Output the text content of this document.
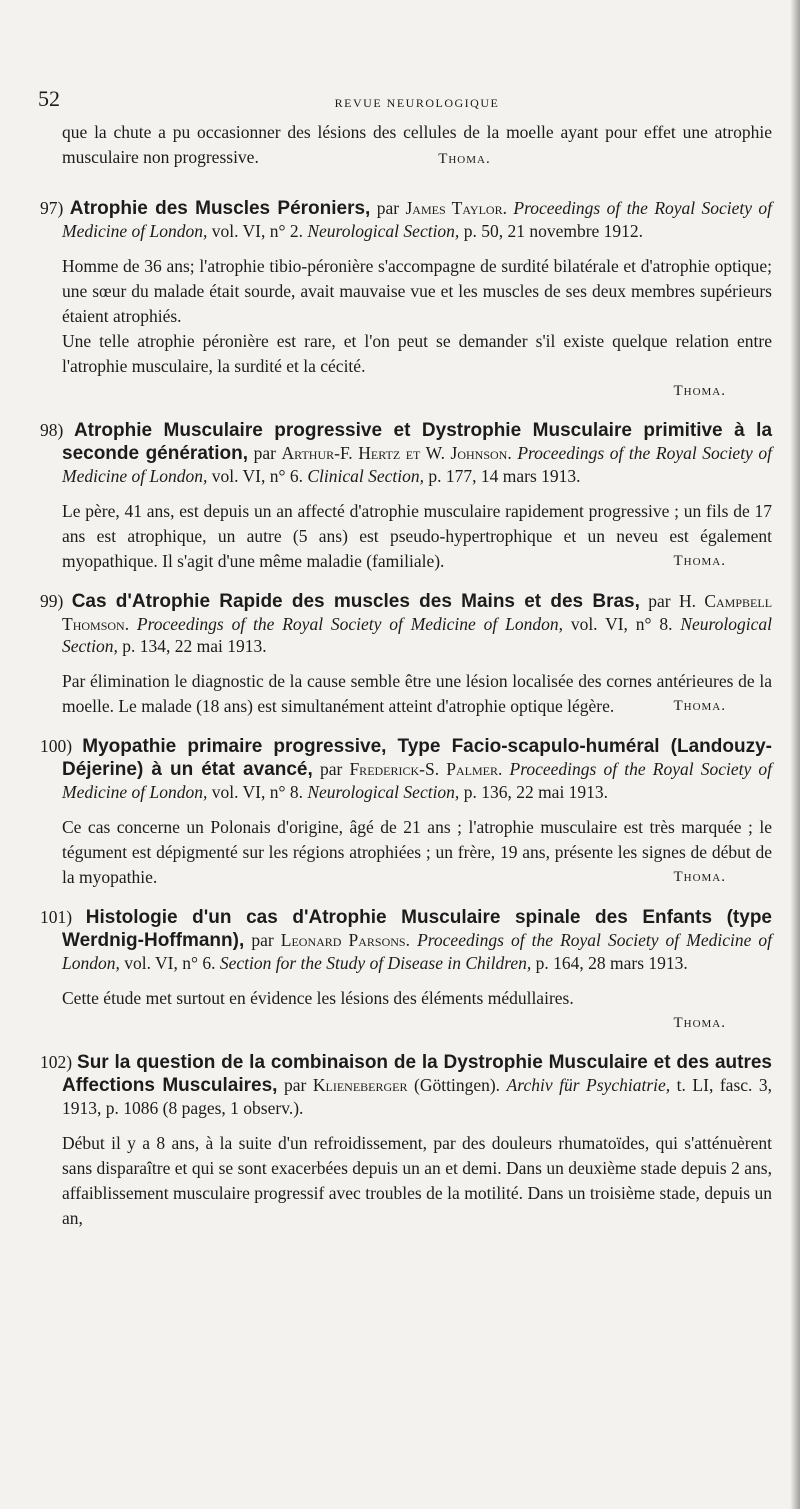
52	REVUE NEUROLOGIQUE

que la chute a pu occasionner des lésions des cellules de la moelle ayant pour effet une atrophie musculaire non progressive.	Thoma.

97) Atrophie des Muscles Péroniers, par James Taylor. Proceedings of the Royal Society of Medicine of London, vol. VI, n° 2. Neurological Section, p. 50, 21 novembre 1912.

Homme de 36 ans; l'atrophie tibio-péronière s'accompagne de surdité bilatérale et d'atrophie optique; une sœur du malade était sourde, avait mauvaise vue et les muscles de ses deux membres supérieurs étaient atrophiés.

Une telle atrophie péronière est rare, et l'on peut se demander s'il existe quelque relation entre l'atrophie musculaire, la surdité et la cécité.

Thoma.
98) Atrophie Musculaire progressive et Dystrophie Musculaire primitive à la seconde génération, par Arthur-F. Hertz et W. Johnson. Proceedings of the Royal Society of Medicine of London, vol. VI, n° 6. Clinical Section, p. 177, 14 mars 1913.

Le père, 41 ans, est depuis un an affecté d'atrophie musculaire rapidement progressive ; un fils de 17 ans est atrophique, un autre (5 ans) est pseudo-hypertrophique et un neveu est également myopathique. Il s'agit d'une même maladie (familiale).	Thoma.

99) Cas d'Atrophie Rapide des muscles des Mains et des Bras, par H. Campbell Thomson. Proceedings of the Royal Society of Medicine of London, vol. VI, n° 8. Neurological Section, p. 134, 22 mai 1913.

Par élimination le diagnostic de la cause semble être une lésion localisée des cornes antérieures de la moelle. Le malade (18 ans) est simultanément atteint d'atrophie optique légère.	Thoma.

100) Myopathie primaire progressive, Type Facio-scapulo-huméral (Landouzy-Déjerine) à un état avancé, par Frederick-S. Palmer. Proceedings of the Royal Society of Medicine of London, vol. VI, n° 8. Neurological Section, p. 136, 22 mai 1913.

Ce cas concerne un Polonais d'origine, âgé de 21 ans ; l'atrophie musculaire est très marquée ; le tégument est dépigmenté sur les régions atrophiées ; un frère, 19 ans, présente les signes de début de la myopathie.	Thoma.

101) Histologie d'un cas d'Atrophie Musculaire spinale des Enfants (type Werdnig-Hoffmann), par Leonard Parsons. Proceedings of the Royal Society of Medicine of London, vol. VI, n° 6. Section for the Study of Disease in Children, p. 164, 28 mars 1913.

Cette étude met surtout en évidence les lésions des éléments médullaires.

Thoma.
102) Sur la question de la combinaison de la Dystrophie Musculaire et des autres Affections Musculaires, par Klieneberger (Göttingen). Archiv für Psychiatrie, t. LI, fasc. 3, 1913, p. 1086 (8 pages, 1 observ.).

Début il y a 8 ans, à la suite d'un refroidissement, par des douleurs rhumatoïdes, qui s'atténuèrent sans disparaître et qui se sont exacerbées depuis un an et demi. Dans un deuxième stade depuis 2 ans, affaiblissement musculaire progressif avec troubles de la motilité. Dans un troisième stade, depuis un an,
